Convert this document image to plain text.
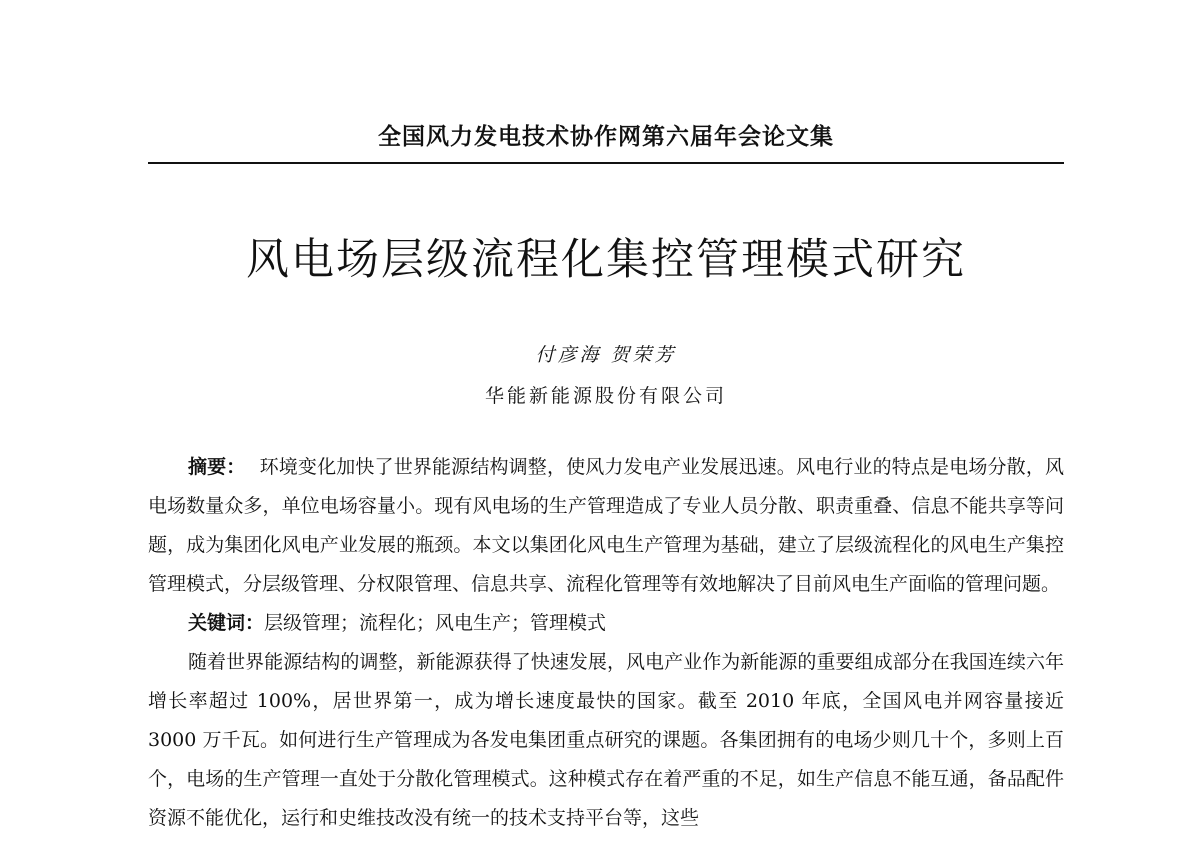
全国风力发电技术协作网第六届年会论文集
风电场层级流程化集控管理模式研究
付彦海 贺荣芳
华能新能源股份有限公司

摘要： 环境变化加快了世界能源结构调整，使风力发电产业发展迅速。风电行业的特点是电场分散，风电场数量众多，单位电场容量小。现有风电场的生产管理造成了专业人员分散、职责重叠、信息不能共享等问题，成为集团化风电产业发展的瓶颈。本文以集团化风电生产管理为基础，建立了层级流程化的风电生产集控管理模式，分层级管理、分权限管理、信息共享、流程化管理等有效地解决了目前风电生产面临的管理问题。

关键词：层级管理；流程化；风电生产；管理模式

随着世界能源结构的调整，新能源获得了快速发展，风电产业作为新能源的重要组成部分在我国连续六年增长率超过 100%，居世界第一，成为增长速度最快的国家。截至 2010 年底，全国风电并网容量接近 3000 万千瓦。如何进行生产管理成为各发电集团重点研究的课题。各集团拥有的电场少则几十个，多则上百个，电场的生产管理一直处于分散化管理模式。这种模式存在着严重的不足，如生产信息不能互通，备品配件资源不能优化，运行和史维技改没有统一的技术支持平台等，这些
